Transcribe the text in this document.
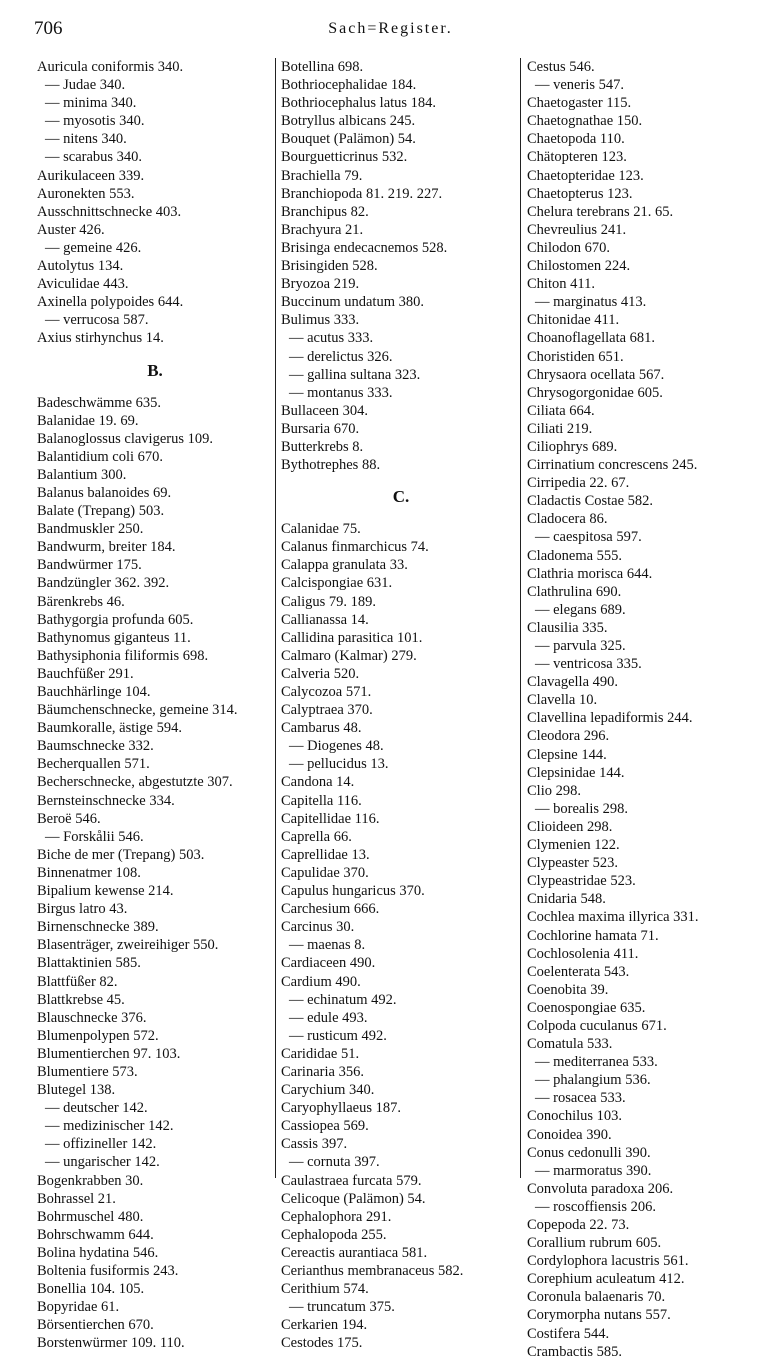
706	Sach=Register.
Auricula coniformis 340.
— Judae 340.
— minima 340.
— myosotis 340.
— nitens 340.
— scarabus 340.
Aurikulaceen 339.
Auronekten 553.
Ausschnittschnecke 403.
Auster 426.
— gemeine 426.
Autolytus 134.
Aviculidae 443.
Axinella polypoides 644.
— verrucosa 587.
Axius stirhynchus 14.
B.
Badeschwämme 635.
Balanidae 19. 69.
Balanoglossus clavigerus 109.
Balantidium coli 670.
Balantium 300.
Balanus balanoides 69.
Balate (Trepang) 503.
Bandmuskler 250.
Bandwurm, breiter 184.
Bandwürmer 175.
Bandzüngler 362. 392.
Bärenkrebs 46.
Bathygorgia profunda 605.
Bathynomus giganteus 11.
Bathysiphonia filiformis 698.
Bauchfüßer 291.
Bauchhärlinge 104.
Bäumchenschnecke, gemeine 314.
Baumkoralle, ästige 594.
Baumschnecke 332.
Becherquallen 571.
Becherschnecke, abgestutzte 307.
Bernsteinschnecke 334.
Beroë 546.
— Forskålii 546.
Biche de mer (Trepang) 503.
Binnenatmer 108.
Bipalium kewense 214.
Birgus latro 43.
Birnenschnecke 389.
Blasenträger, zweireihiger 550.
Blattaktinien 585.
Blattfüßer 82.
Blattkrebse 45.
Blauschnecke 376.
Blumenpolypen 572.
Blumentierchen 97. 103.
Blumentiere 573.
Blutegel 138.
— deutscher 142.
— medizinischer 142.
— offizineller 142.
— ungarischer 142.
Bogenkrabben 30.
Bohrassel 21.
Bohrmuschel 480.
Bohrschwamm 644.
Bolina hydatina 546.
Boltenia fusiformis 243.
Bonellia 104. 105.
Bopyridae 61.
Börsentierchen 670.
Borstenwürmer 109. 110.
Botellina 698.
Bothriocephalidae 184.
Bothriocephalus latus 184.
Botryllus albicans 245.
Bouquet (Palämon) 54.
Bourguetticrinus 532.
Brachiella 79.
Branchiopoda 81. 219. 227.
Branchipus 82.
Brachyura 21.
Brisinga endecacnemos 528.
Brisingiden 528.
Bryozoa 219.
Buccinum undatum 380.
Bulimus 333.
— acutus 333.
— derelictus 326.
— gallina sultana 323.
— montanus 333.
Bullaceen 304.
Bursaria 670.
Butterkrebs 8.
Bythotrephes 88.
C.
Calanidae 75.
Calanus finmarchicus 74.
Calappa granulata 33.
Calcispongiae 631.
Caligus 79. 189.
Callianassa 14.
Callidina parasitica 101.
Calmaro (Kalmar) 279.
Calveria 520.
Calycozoa 571.
Calyptraea 370.
Cambarus 48.
— Diogenes 48.
— pellucidus 13.
Candona 14.
Capitella 116.
Capitellidae 116.
Caprella 66.
Caprellidae 13.
Capulidae 370.
Capulus hungaricus 370.
Carchesium 666.
Carcinus 30.
— maenas 8.
Cardiaceen 490.
Cardium 490.
— echinatum 492.
— edule 493.
— rusticum 492.
Carididae 51.
Carinaria 356.
Carychium 340.
Caryophyllaeus 187.
Cassiopea 569.
Cassis 397.
— cornuta 397.
Caulastraea furcata 579.
Celicoque (Palämon) 54.
Cephalophora 291.
Cephalopoda 255.
Cereactis aurantiaca 581.
Cerianthus membranaceus 582.
Cerithium 574.
— truncatum 375.
Cerkarien 194.
Cestodes 175.
Cestus 546.
— veneris 547.
Chaetogaster 115.
Chaetognathae 150.
Chaetopoda 110.
Chätopteren 123.
Chaetopteridae 123.
Chaetopterus 123.
Chelura terebrans 21. 65.
Chevreulius 241.
Chilodon 670.
Chilostomen 224.
Chiton 411.
— marginatus 413.
Chitonidae 411.
Choanoflagellata 681.
Choristiden 651.
Chrysaora ocellata 567.
Chrysogorgonidae 605.
Ciliata 664.
Ciliati 219.
Ciliophrys 689.
Cirrinatium concrescens 245.
Cirripedia 22. 67.
Cladactis Costae 582.
Cladocera 86.
— caespitosa 597.
Cladonema 555.
Clathria morisca 644.
Clathrulina 690.
— elegans 689.
Clausilia 335.
— parvula 325.
— ventricosa 335.
Clavagella 490.
Clavella 10.
Clavellina lepadiformis 244.
Cleodora 296.
Clepsine 144.
Clepsinidae 144.
Clio 298.
— borealis 298.
Clioideen 298.
Clymenien 122.
Clypeaster 523.
Clypeastridae 523.
Cnidaria 548.
Cochlea maxima illyrica 331.
Cochlorine hamata 71.
Cochlosolenia 411.
Coelenterata 543.
Coenobita 39.
Coenospongiae 635.
Colpoda cuculanus 671.
Comatula 533.
— mediterranea 533.
— phalangium 536.
— rosacea 533.
Conochilus 103.
Conoidea 390.
Conus cedonulli 390.
— marmoratus 390.
Convoluta paradoxa 206.
— roscoffiensis 206.
Copepoda 22. 73.
Corallium rubrum 605.
Cordylophora lacustris 561.
Corephium aculeatum 412.
Coronula balaenaris 70.
Corymorpha nutans 557.
Costifera 544.
Crambactis 585.
